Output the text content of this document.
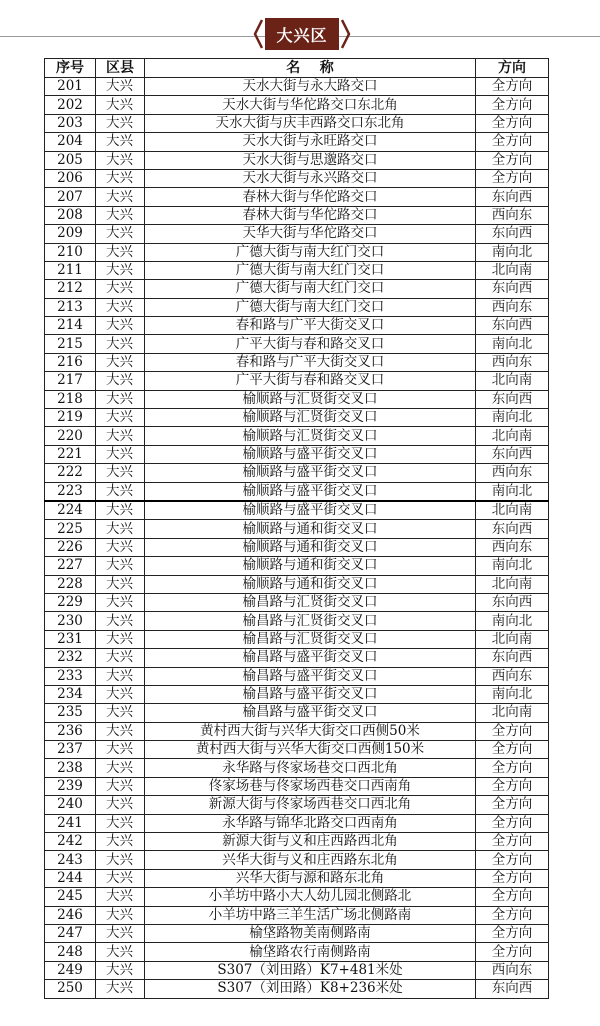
大兴区
序号	区县	名    称	方向
201	大兴	天水大街与永大路交口	全方向
202	大兴	天水大街与华佗路交口东北角	全方向
203	大兴	天水大街与庆丰西路交口东北角	全方向
204	大兴	天水大街与永旺路交口	全方向
205	大兴	天水大街与思邈路交口	全方向
206	大兴	天水大街与永兴路交口	全方向
207	大兴	春林大街与华佗路交口	东向西
208	大兴	春林大街与华佗路交口	西向东
209	大兴	天华大街与华佗路交口	东向西
210	大兴	广德大街与南大红门交口	南向北
211	大兴	广德大街与南大红门交口	北向南
212	大兴	广德大街与南大红门交口	东向西
213	大兴	广德大街与南大红门交口	西向东
214	大兴	春和路与广平大街交叉口	东向西
215	大兴	广平大街与春和路交叉口	南向北
216	大兴	春和路与广平大街交叉口	西向东
217	大兴	广平大街与春和路交叉口	北向南
218	大兴	榆顺路与汇贤街交叉口	东向西
219	大兴	榆顺路与汇贤街交叉口	南向北
220	大兴	榆顺路与汇贤街交叉口	北向南
221	大兴	榆顺路与盛平街交叉口	东向西
222	大兴	榆顺路与盛平街交叉口	西向东
223	大兴	榆顺路与盛平街交叉口	南向北
224	大兴	榆顺路与盛平街交叉口	北向南
225	大兴	榆顺路与通和街交叉口	东向西
226	大兴	榆顺路与通和街交叉口	西向东
227	大兴	榆顺路与通和街交叉口	南向北
228	大兴	榆顺路与通和街交叉口	北向南
229	大兴	榆昌路与汇贤街交叉口	东向西
230	大兴	榆昌路与汇贤街交叉口	南向北
231	大兴	榆昌路与汇贤街交叉口	北向南
232	大兴	榆昌路与盛平街交叉口	东向西
233	大兴	榆昌路与盛平街交叉口	西向东
234	大兴	榆昌路与盛平街交叉口	南向北
235	大兴	榆昌路与盛平街交叉口	北向南
236	大兴	黄村西大街与兴华大街交口西侧50米	全方向
237	大兴	黄村西大街与兴华大街交口西侧150米	全方向
238	大兴	永华路与佟家场巷交口西北角	全方向
239	大兴	佟家场巷与佟家场西巷交口西南角	全方向
240	大兴	新源大街与佟家场西巷交口西北角	全方向
241	大兴	永华路与锦华北路交口西南角	全方向
242	大兴	新源大街与义和庄西路西北角	全方向
243	大兴	兴华大街与义和庄西路东北角	全方向
244	大兴	兴华大街与源和路东北角	全方向
245	大兴	小羊坊中路小大人幼儿园北侧路北	全方向
246	大兴	小羊坊中路三羊生活广场北侧路南	全方向
247	大兴	榆垡路物美南侧路南	全方向
248	大兴	榆垡路农行南侧路南	全方向
249	大兴	S307（刘田路）K7+481米处	西向东
250	大兴	S307（刘田路）K8+236米处	东向西
